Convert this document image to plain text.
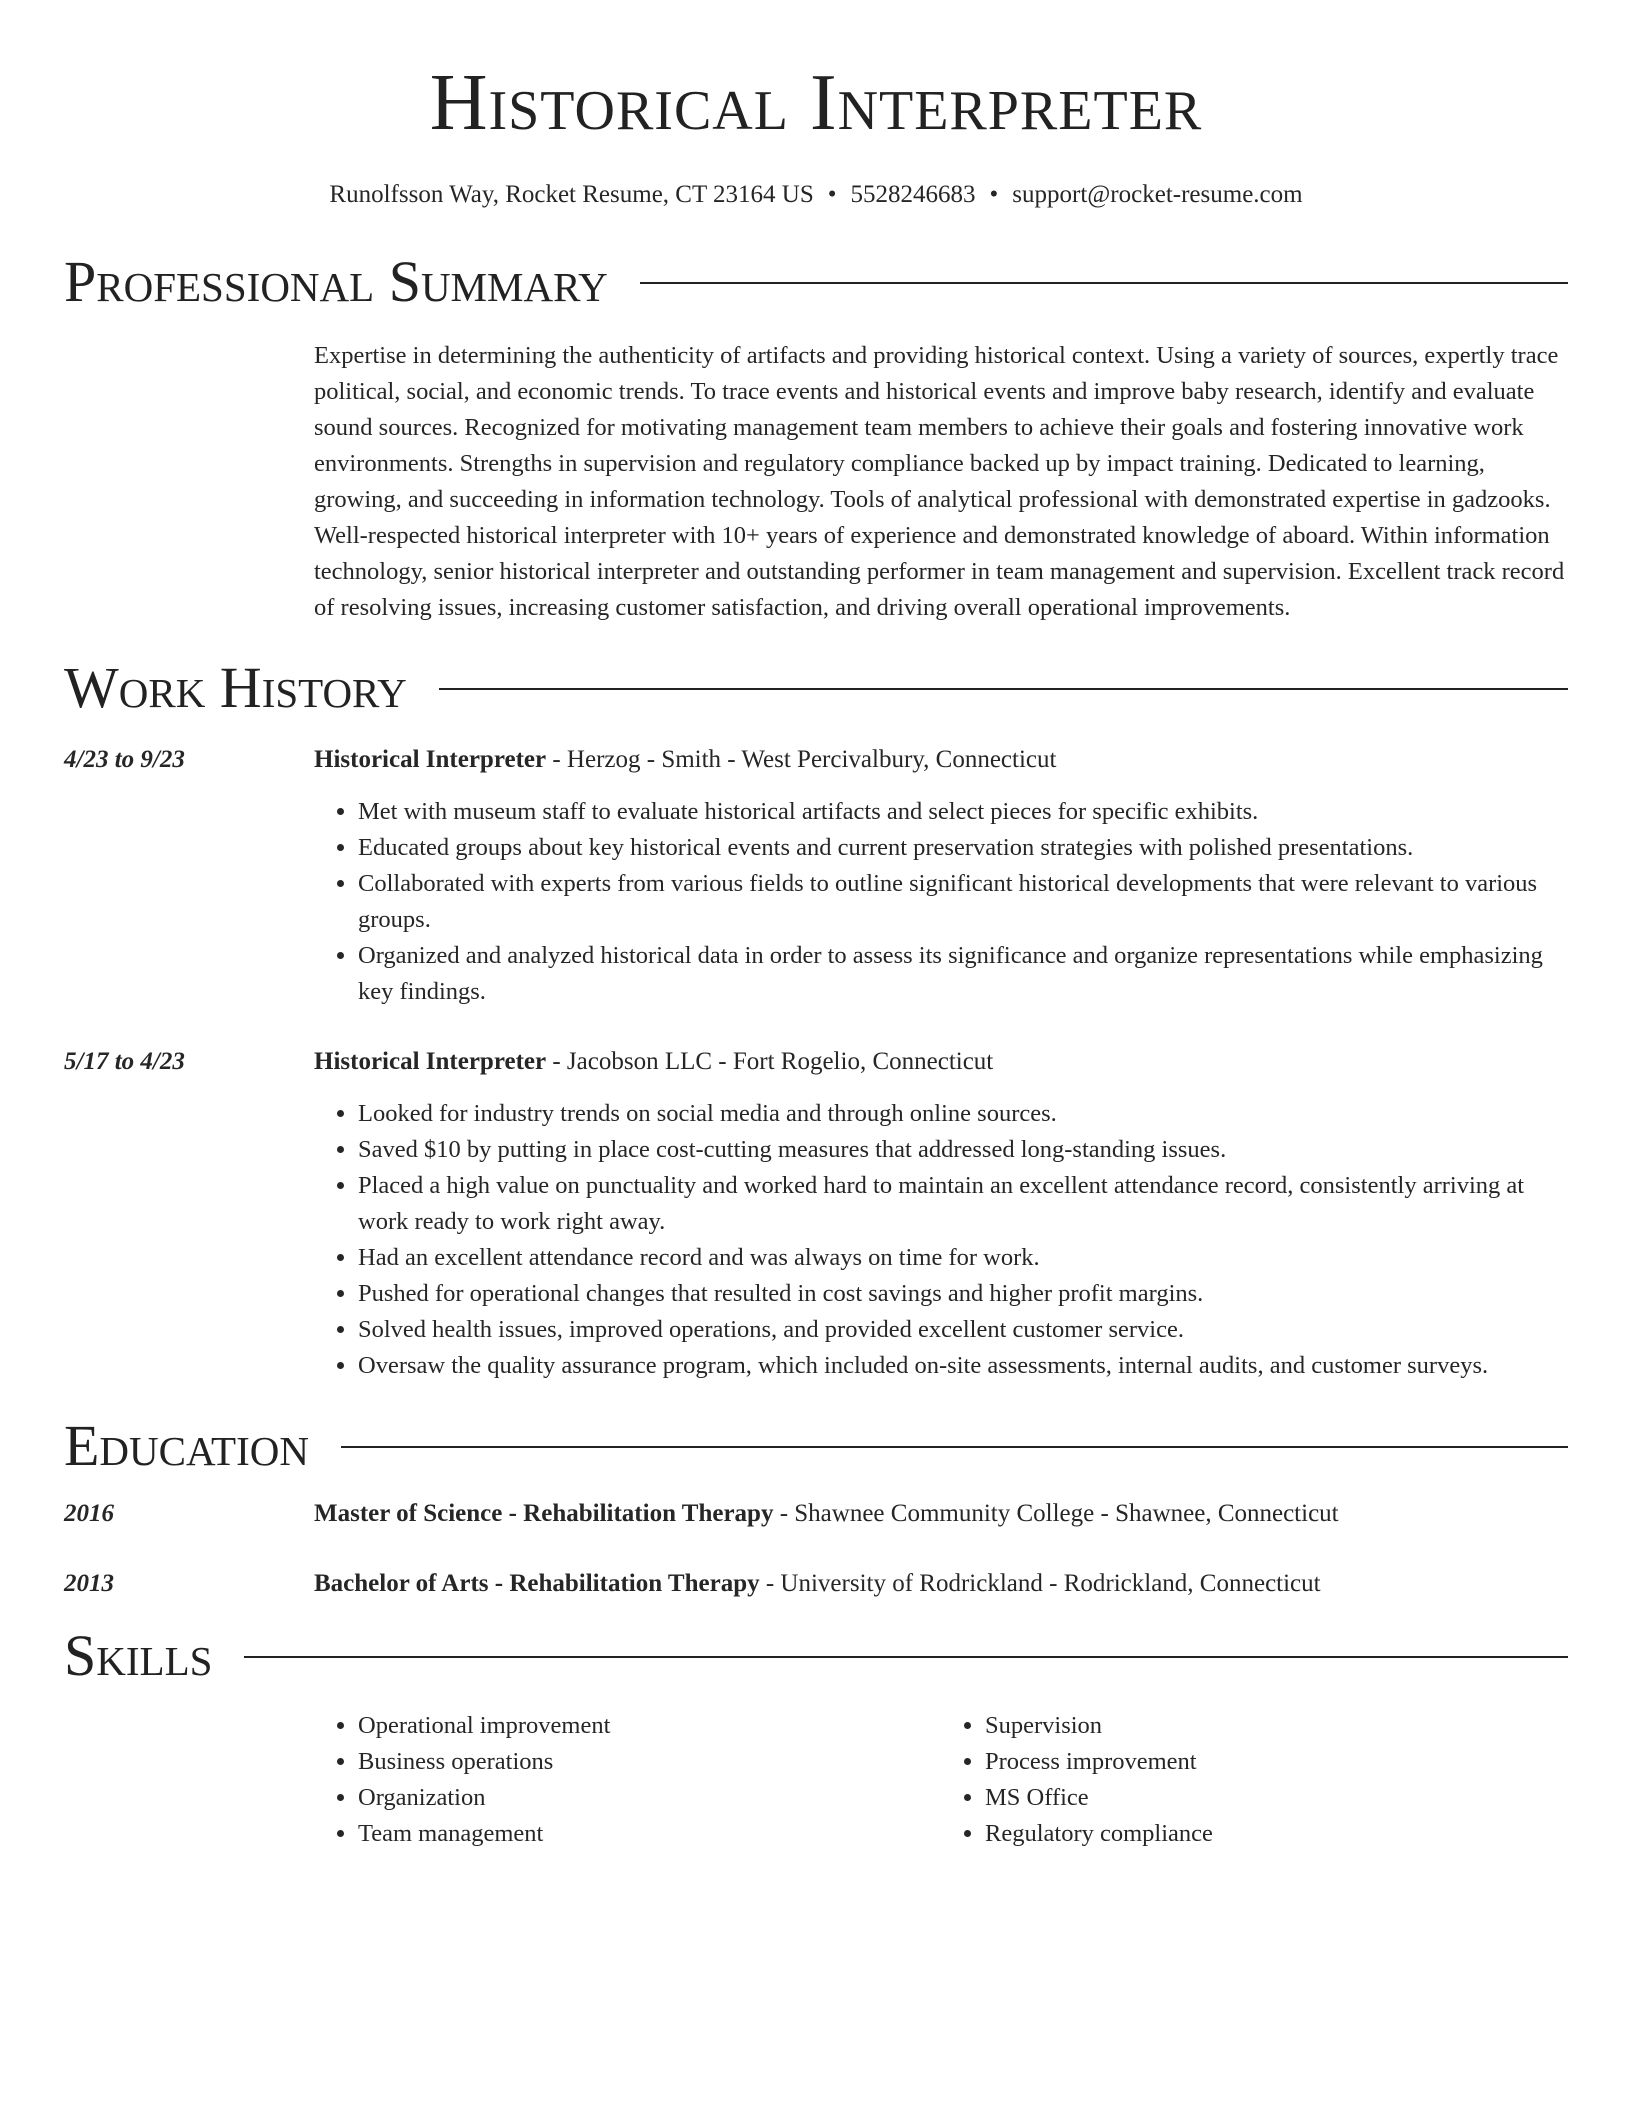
Historical Interpreter
Runolfsson Way, Rocket Resume, CT 23164 US • 5528246683 • support@rocket-resume.com
Professional Summary

Expertise in determining the authenticity of artifacts and providing historical context. Using a variety of sources, expertly trace political, social, and economic trends. To trace events and historical events and improve baby research, identify and evaluate sound sources. Recognized for motivating management team members to achieve their goals and fostering innovative work environments. Strengths in supervision and regulatory compliance backed up by impact training. Dedicated to learning, growing, and succeeding in information technology. Tools of analytical professional with demonstrated expertise in gadzooks. Well-respected historical interpreter with 10+ years of experience and demonstrated knowledge of aboard. Within information technology, senior historical interpreter and outstanding performer in team management and supervision. Excellent track record of resolving issues, increasing customer satisfaction, and driving overall operational improvements.

Work History
4/23 to 9/23	Historical Interpreter - Herzog - Smith - West Percivalbury, Connecticut
• Met with museum staff to evaluate historical artifacts and select pieces for specific exhibits.
• Educated groups about key historical events and current preservation strategies with polished presentations.
• Collaborated with experts from various fields to outline significant historical developments that were relevant to various groups.
• Organized and analyzed historical data in order to assess its significance and organize representations while emphasizing key findings.
5/17 to 4/23	Historical Interpreter - Jacobson LLC - Fort Rogelio, Connecticut
• Looked for industry trends on social media and through online sources.
• Saved $10 by putting in place cost-cutting measures that addressed long-standing issues.
• Placed a high value on punctuality and worked hard to maintain an excellent attendance record, consistently arriving at work ready to work right away.
• Had an excellent attendance record and was always on time for work.
• Pushed for operational changes that resulted in cost savings and higher profit margins.
• Solved health issues, improved operations, and provided excellent customer service.
• Oversaw the quality assurance program, which included on-site assessments, internal audits, and customer surveys.
Education
2016	Master of Science - Rehabilitation Therapy - Shawnee Community College - Shawnee, Connecticut
2013	Bachelor of Arts - Rehabilitation Therapy - University of Rodrickland - Rodrickland, Connecticut
Skills
• Operational improvement
• Business operations
• Organization
• Team management
• Supervision
• Process improvement
• MS Office
• Regulatory compliance
